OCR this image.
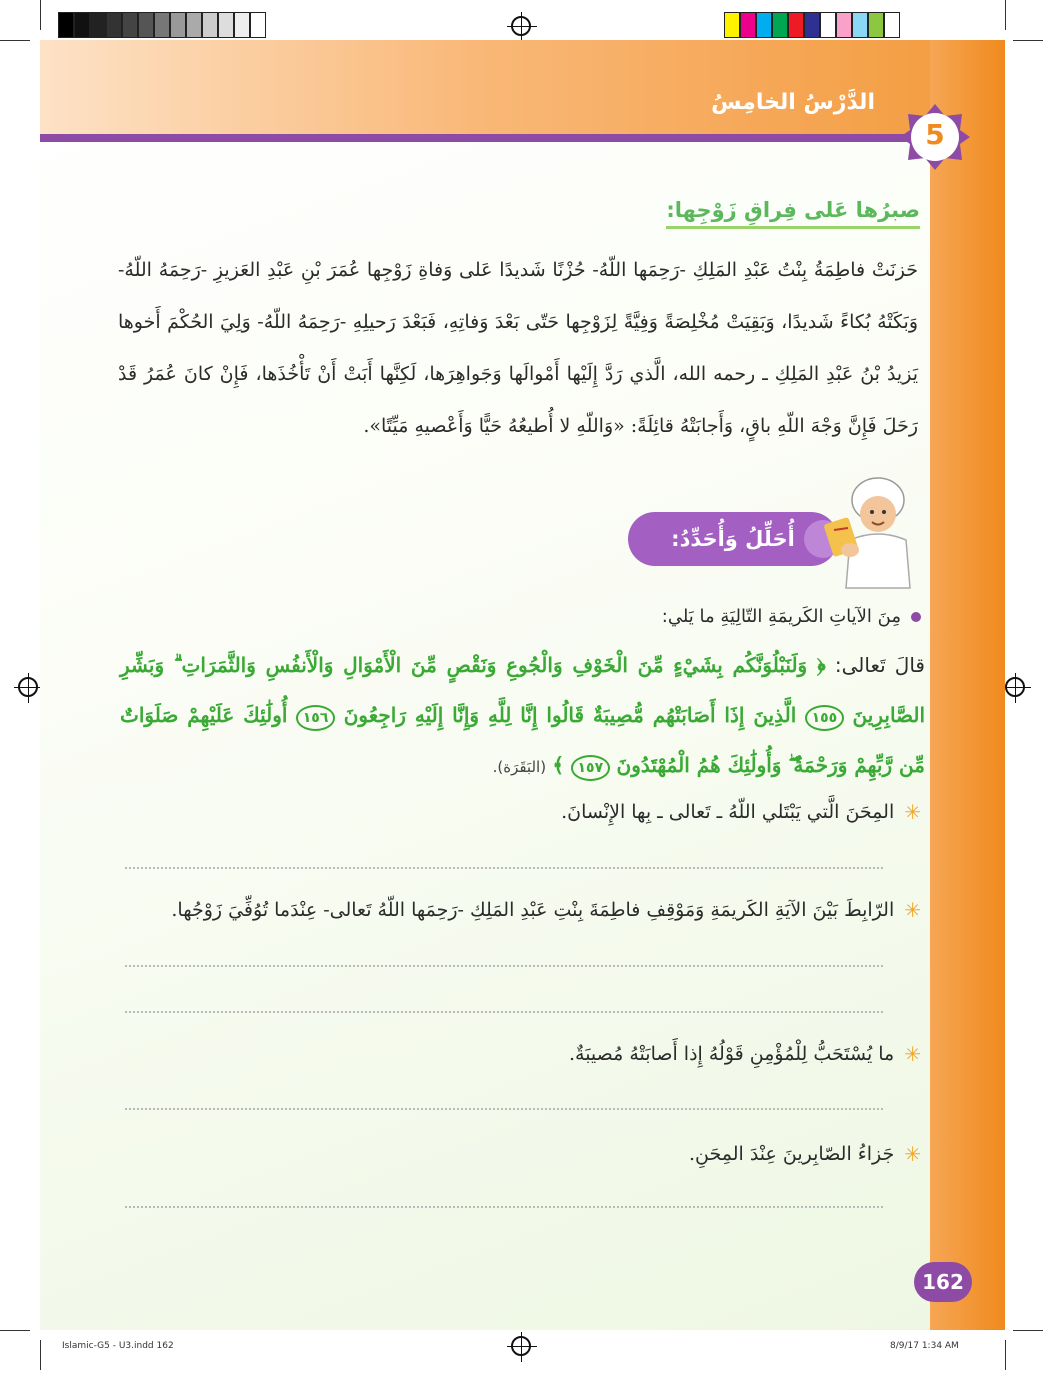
الدَّرْسُ الخامِسُ
5
صبرُها عَلى فِراقِ زَوْجِها:
حَزنَتْ فاطِمَةُ بِنْتُ عَبْدِ المَلِكِ -رَحِمَها اللّهُ- حُزْنًا شَديدًا عَلى وَفاةِ زَوْجِها عُمَرَ بْنِ عَبْدِ العَزيزِ -رَحِمَهُ اللّهُ- وَبَكَتْهُ بُكاءً شَديدًا، وَبَقِيَتْ مُخْلِصَةً وَفِيَّةً لِزَوْجِها حَتّى بَعْدَ وَفاتِهِ، فَبَعْدَ رَحيلِهِ -رَحِمَهُ اللّهُ- وَلِيَ الحُكْمَ أَخوها يَزيدُ بْنُ عَبْدِ المَلِكِ ـ رحمه الله، الَّذي رَدَّ إِلَيْها أَمْوالَها وَجَواهِرَها، لَكِنَّها أَبَتْ أَنْ تَأْخُذَها، فَإِنْ كانَ عُمَرُ قَدْ رَحَلَ فَإِنَّ وَجْهَ اللّهِ باقٍ، وَأَجابَتْهُ قائِلَةً: «وَاللّهِ لا أُطيعُهُ حَيًّا وَأَعْصيهِ مَيِّتًا».
أُحَلِّلُ وَأُحَدِّدُ:
مِنَ الآياتِ الكَريمَةِ التّالِيَةِ ما يَلي:
قالَ تَعالى: ﴿ وَلَنَبْلُوَنَّكُم بِشَيْءٍ مِّنَ الْخَوْفِ وَالْجُوعِ وَنَقْصٍ مِّنَ الْأَمْوَالِ وَالْأَنفُسِ وَالثَّمَرَاتِ ۗ وَبَشِّرِ الصَّابِرِينَ ١٥٥ الَّذِينَ إِذَا أَصَابَتْهُم مُّصِيبَةٌ قَالُوا إِنَّا لِلَّهِ وَإِنَّا إِلَيْهِ رَاجِعُونَ ١٥٦ أُولَٰئِكَ عَلَيْهِمْ صَلَوَاتٌ مِّن رَّبِّهِمْ وَرَحْمَةٌ ۖ وَأُولَٰئِكَ هُمُ الْمُهْتَدُونَ ١٥٧ ﴾ (البَقَرَة).
✳
المِحَنَ الَّتي يَبْتَلي اللّهُ ـ تَعالى ـ بِها الإِنْسانَ.
✳
الرّابِطَ بَيْنَ الآيَةِ الكَريمَةِ وَمَوْقِفِ فاطِمَةَ بِنْتِ عَبْدِ المَلِكِ -رَحِمَها اللّهُ تَعالى- عِنْدَما تُوُفِّيَ زَوْجُها.
✳
ما يُسْتَحَبُّ لِلْمُؤْمِنِ قَوْلُهُ إِذا أَصابَتْهُ مُصيبَةٌ.
✳
جَزاءُ الصّابِرينَ عِنْدَ المِحَنِ.
162
Islamic-G5 - U3.indd 162	8/9/17 1:34 AM
